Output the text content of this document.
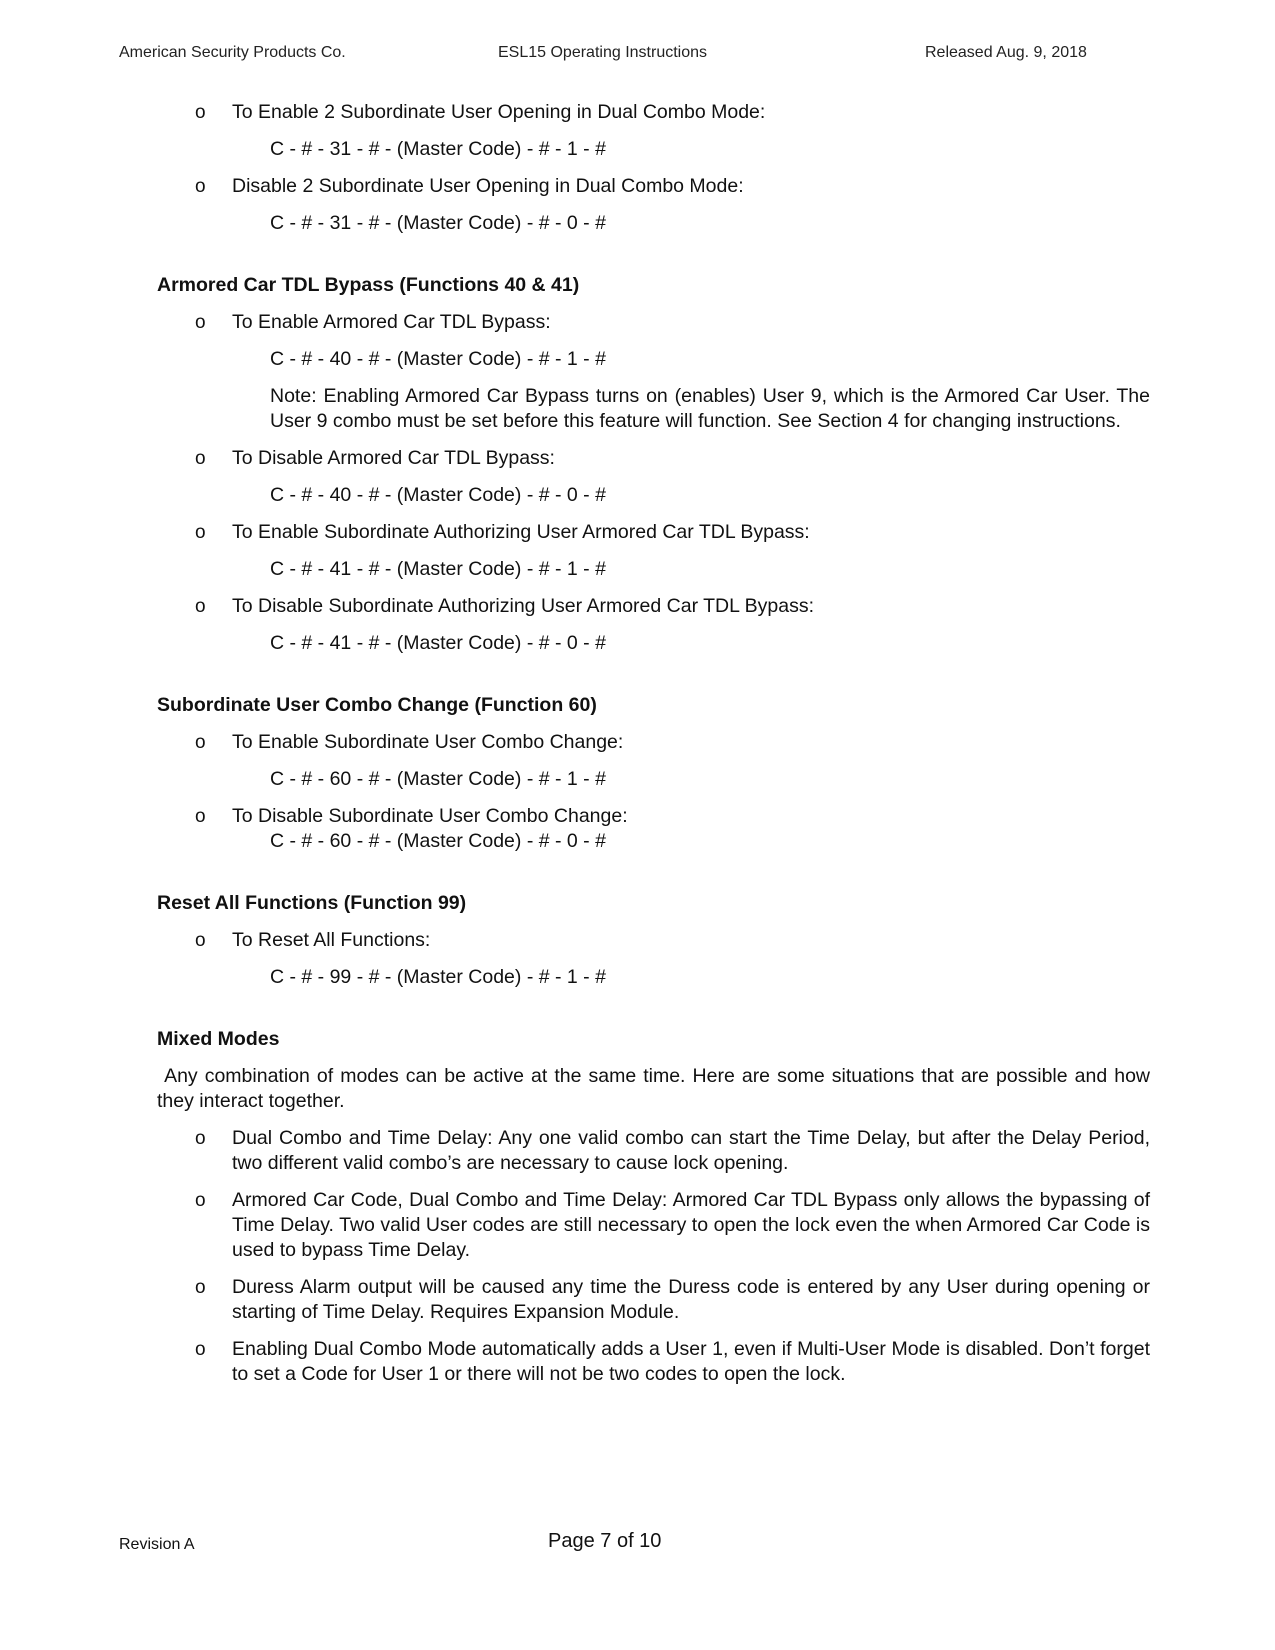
American Security Products Co.	ESL15 Operating Instructions	Released Aug. 9, 2018
o To Enable 2 Subordinate User Opening in Dual Combo Mode:
C - # - 31 - # - (Master Code) - # - 1 - #
o Disable 2 Subordinate User Opening in Dual Combo Mode:
C - # - 31 - # - (Master Code) - # - 0 - #
Armored Car TDL Bypass (Functions 40 & 41)
o To Enable Armored Car TDL Bypass:
C - # - 40 - # - (Master Code) - # - 1 - #
Note: Enabling Armored Car Bypass turns on (enables) User 9, which is the Armored Car User. The User 9 combo must be set before this feature will function. See Section 4 for changing instructions.
o To Disable Armored Car TDL Bypass:
C - # - 40 - # - (Master Code) - # - 0 - #
o To Enable Subordinate Authorizing User Armored Car TDL Bypass:
C - # - 41 - # - (Master Code) - # - 1 - #
o To Disable Subordinate Authorizing User Armored Car TDL Bypass:
C - # - 41 - # - (Master Code) - # - 0 - #
Subordinate User Combo Change (Function 60)
o To Enable Subordinate User Combo Change:
C - # - 60 - # - (Master Code) - # - 1 - #
o To Disable Subordinate User Combo Change:
C - # - 60 - # - (Master Code) - # - 0 - #
Reset All Functions (Function 99)
o To Reset All Functions:
C - # - 99 - # - (Master Code) - # - 1 - #
Mixed Modes
Any combination of modes can be active at the same time. Here are some situations that are possible and how they interact together.
o Dual Combo and Time Delay: Any one valid combo can start the Time Delay, but after the Delay Period, two different valid combo’s are necessary to cause lock opening.
o Armored Car Code, Dual Combo and Time Delay: Armored Car TDL Bypass only allows the bypassing of Time Delay. Two valid User codes are still necessary to open the lock even the when Armored Car Code is used to bypass Time Delay.
o Duress Alarm output will be caused any time the Duress code is entered by any User during opening or starting of Time Delay. Requires Expansion Module.
o Enabling Dual Combo Mode automatically adds a User 1, even if Multi-User Mode is disabled. Don’t forget to set a Code for User 1 or there will not be two codes to open the lock.
Revision A	Page 7 of 10
